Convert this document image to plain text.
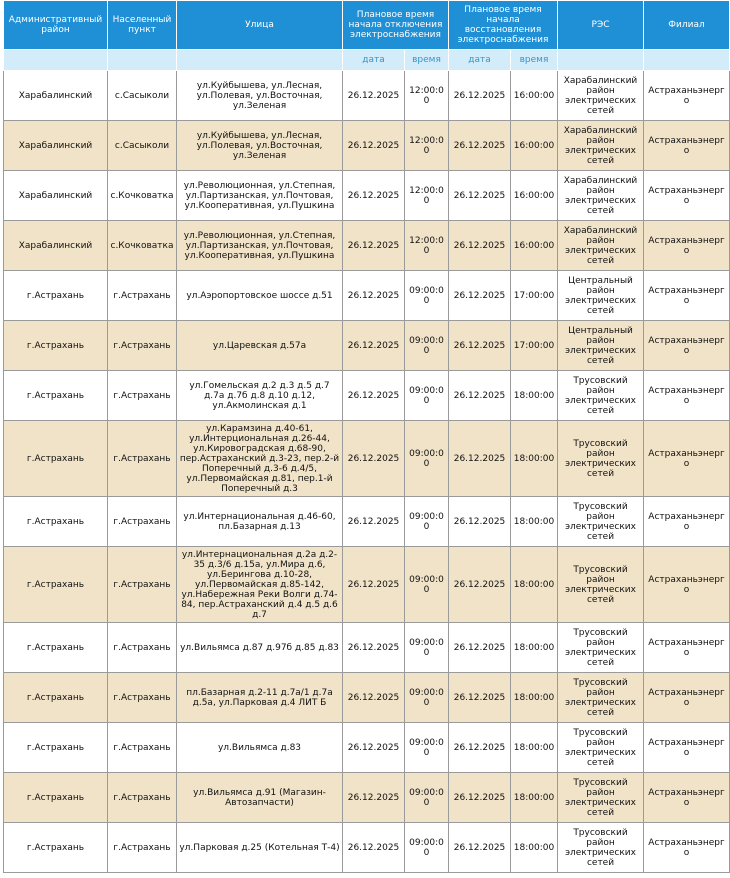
Административный район	Населенный пункт	Улица	Плановое время начала отключения электроснабжения		Плановое время начала восстановления электроснабжения		РЭС	Филиал
			дата	время	дата	время		
Харабалинский	с.Сасыколи	ул.Куйбышева, ул.Лесная, ул.Полевая, ул.Восточная, ул.Зеленая	26.12.2025	12:00:00	26.12.2025	16:00:00	Харабалинский район электрических сетей	Астраханьэнерго
Харабалинский	с.Сасыколи	ул.Куйбышева, ул.Лесная, ул.Полевая, ул.Восточная, ул.Зеленая	26.12.2025	12:00:00	26.12.2025	16:00:00	Харабалинский район электрических сетей	Астраханьэнерго
Харабалинский	с.Кочковатка	ул.Революционная, ул.Степная, ул.Партизанская, ул.Почтовая, ул.Кооперативная, ул.Пушкина	26.12.2025	12:00:00	26.12.2025	16:00:00	Харабалинский район электрических сетей	Астраханьэнерго
Харабалинский	с.Кочковатка	ул.Революционная, ул.Степная, ул.Партизанская, ул.Почтовая, ул.Кооперативная, ул.Пушкина	26.12.2025	12:00:00	26.12.2025	16:00:00	Харабалинский район электрических сетей	Астраханьэнерго
г.Астрахань	г.Астрахань	ул.Аэропортовское шоссе д.51	26.12.2025	09:00:00	26.12.2025	17:00:00	Центральный район электрических сетей	Астраханьэнерго
г.Астрахань	г.Астрахань	ул.Царевская д.57а	26.12.2025	09:00:00	26.12.2025	17:00:00	Центральный район электрических сетей	Астраханьэнерго
г.Астрахань	г.Астрахань	ул.Гомельская д.2 д.3 д.5 д.7 д.7а д.7б д.8 д.10 д.12, ул.Акмолинская д.1	26.12.2025	09:00:00	26.12.2025	18:00:00	Трусовский район электрических сетей	Астраханьэнерго
г.Астрахань	г.Астрахань	ул.Карамзина д.40-61, ул.Интерциональная д.26-44, ул.Кировоградская д.68-90, пер.Астраханский д.3-23, пер.2-й Поперечный д.3-6 д.4/5, ул.Первомайская д.81, пер.1-й Поперечный д.3	26.12.2025	09:00:00	26.12.2025	18:00:00	Трусовский район электрических сетей	Астраханьэнерго
г.Астрахань	г.Астрахань	ул.Интернациональная д.46-60, пл.Базарная д.13	26.12.2025	09:00:00	26.12.2025	18:00:00	Трусовский район электрических сетей	Астраханьэнерго
г.Астрахань	г.Астрахань	ул.Интернациональная д.2а д.2-35 д.3/6 д.15а, ул.Мира д.6, ул.Берингова д.10-28, ул.Первомайская д.85-142, ул.Набережная Реки Волги д.74-84, пер.Астраханский д.4 д.5 д.6 д.7	26.12.2025	09:00:00	26.12.2025	18:00:00	Трусовский район электрических сетей	Астраханьэнерго
г.Астрахань	г.Астрахань	ул.Вильямса д.87 д.97б д.85 д.83	26.12.2025	09:00:00	26.12.2025	18:00:00	Трусовский район электрических сетей	Астраханьэнерго
г.Астрахань	г.Астрахань	пл.Базарная д.2-11 д.7а/1 д.7а д.5а, ул.Парковая д.4 ЛИТ Б	26.12.2025	09:00:00	26.12.2025	18:00:00	Трусовский район электрических сетей	Астраханьэнерго
г.Астрахань	г.Астрахань	ул.Вильямса д.83	26.12.2025	09:00:00	26.12.2025	18:00:00	Трусовский район электрических сетей	Астраханьэнерго
г.Астрахань	г.Астрахань	ул.Вильямса д.91 (Магазин-Автозапчасти)	26.12.2025	09:00:00	26.12.2025	18:00:00	Трусовский район электрических сетей	Астраханьэнерго
г.Астрахань	г.Астрахань	ул.Парковая д.25 (Котельная Т-4)	26.12.2025	09:00:00	26.12.2025	18:00:00	Трусовский район электрических сетей	Астраханьэнерго
